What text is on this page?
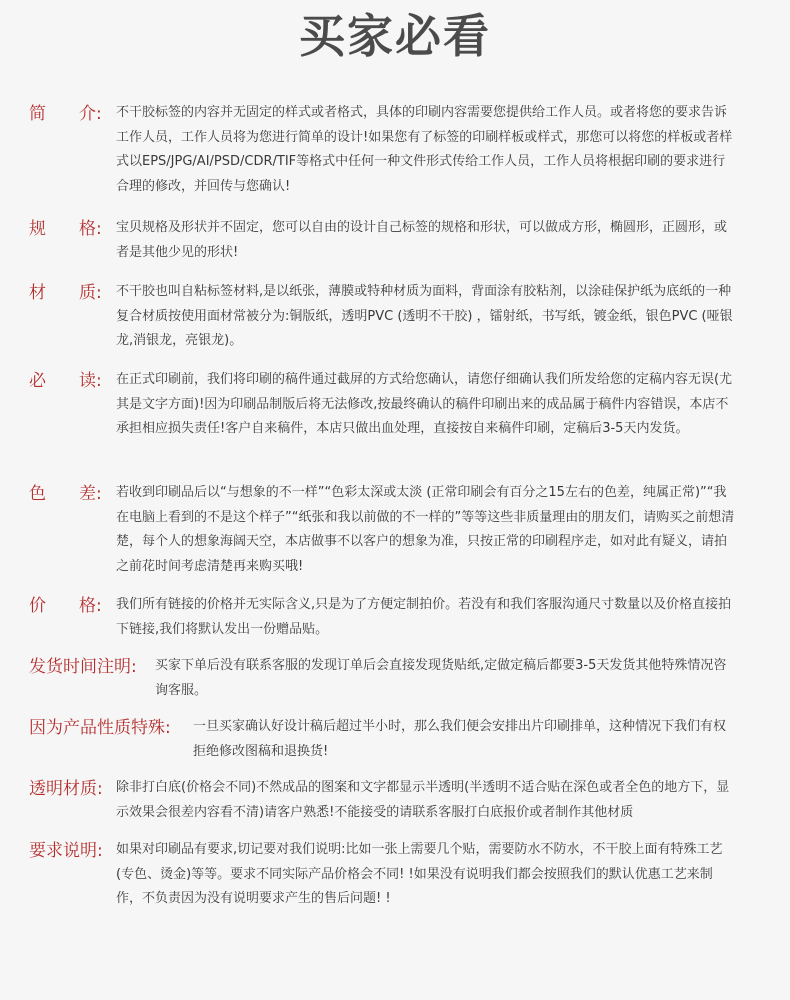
买家必看
简 介: 不干胶标签的内容并无固定的样式或者格式，具体的印刷内容需要您提供给工作人员。或者将您的要求告诉工作人员，工作人员将为您进行简单的设计!如果您有了标签的印刷样板或样式，那您可以将您的样板或者样式以EPS/JPG/AI/PSD/CDR/TIF等格式中任何一种文件形式传给工作人员，工作人员将根据印刷的要求进行合理的修改，并回传与您确认!
规 格: 宝贝规格及形状并不固定，您可以自由的设计自己标签的规格和形状，可以做成方形，椭圆形，正圆形，或者是其他少见的形状!
材 质: 不干胶也叫自粘标签材料,是以纸张，薄膜或特种材质为面料，背面涂有胶粘剂，以涂硅保护纸为底纸的一种复合材质按使用面材常被分为:铜版纸，透明PVC (透明不干胶) ，镭射纸，书写纸，镀金纸，银色PVC (哑银龙,消银龙，亮银龙)。
必 读: 在正式印刷前，我们将印刷的稿件通过截屏的方式给您确认，请您仔细确认我们所发给您的定稿内容无误(尤其是文字方面)!因为印刷品制版后将无法修改,按最终确认的稿件印刷出来的成品属于稿件内容错误，本店不承担相应损失责任!客户自来稿件，本店只做出血处理，直接按自来稿件印刷，定稿后3-5天内发货。
色 差: 若收到印刷品后以“与想象的不一样”“色彩太深或太淡 (正常印刷会有百分之15左右的色差，纯属正常)”“我在电脑上看到的不是这个样子”“纸张和我以前做的不一样的”等等这些非质量理由的朋友们，请购买之前想清楚，每个人的想象海阔天空，本店做事不以客户的想象为准，只按正常的印刷程序走，如对此有疑义，请拍之前花时间考虑清楚再来购买哦!
价 格: 我们所有链接的价格并无实际含义,只是为了方便定制拍价。若没有和我们客服沟通尺寸数量以及价格直接拍下链接,我们将默认发出一份赠品贴。
发货时间注明: 买家下单后没有联系客服的发现订单后会直接发现货贴纸,定做定稿后都要3-5天发货其他特殊情况咨询客服。
因为产品性质特殊: 一旦买家确认好设计稿后超过半小时，那么我们便会安排出片印刷排单，这种情况下我们有权拒绝修改图稿和退换货!
透明材质: 除非打白底(价格会不同)不然成品的图案和文字都显示半透明(半透明不适合贴在深色或者全色的地方下，显示效果会很差内容看不清)请客户熟悉!不能接受的请联系客服打白底报价或者制作其他材质
要求说明: 如果对印刷品有要求,切记要对我们说明:比如一张上需要几个贴，需要防水不防水，不干胶上面有特殊工艺(专色、烫金)等等。要求不同实际产品价格会不同! !如果没有说明我们都会按照我们的默认优惠工艺来制作，不负责因为没有说明要求产生的售后问题! !
